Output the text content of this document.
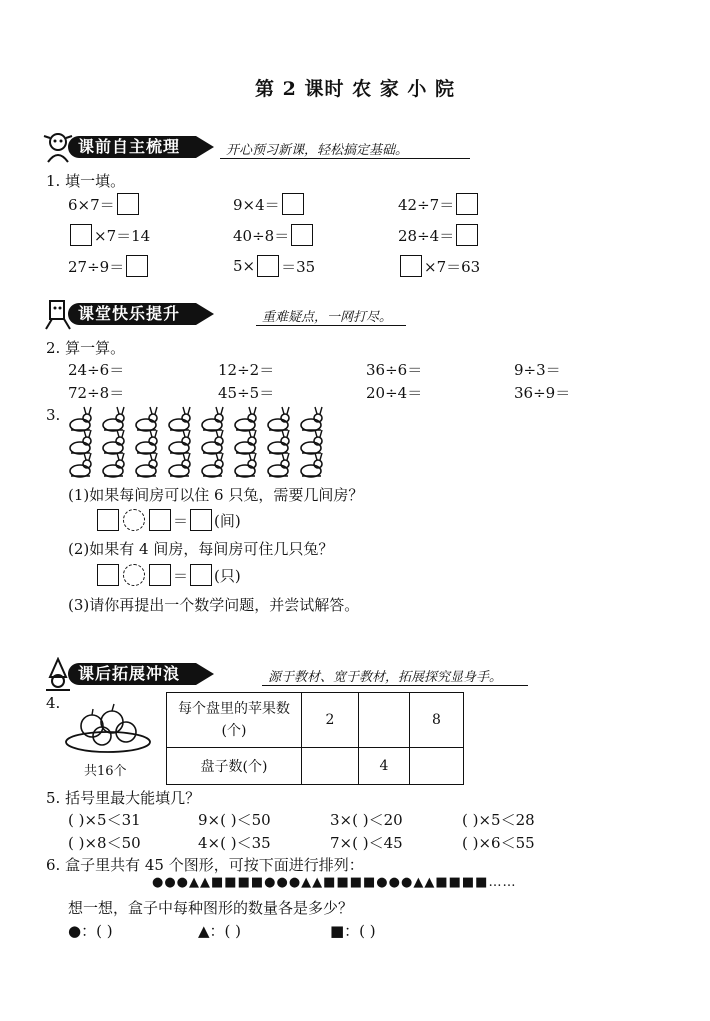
第 2 课时 农 家 小 院
课前自主梳理	开心预习新课，轻松搞定基础。
1. 填一填。
6×7＝	9×4＝	42÷7＝
×7＝14	40÷8＝	28÷4＝
27÷9＝	5× ＝35	×7＝63
课堂快乐提升	重难疑点，一网打尽。
2. 算一算。
24÷6＝	12÷2＝	36÷6＝	9÷3＝
72÷8＝	45÷5＝	20÷4＝	36÷9＝
3.
(1)如果每间房可以住 6 只兔，需要几间房？
＝ (间)
(2)如果有 4 间房，每间房可住几只兔？
＝ (只)
(3)请你再提出一个数学问题，并尝试解答。
课后拓展冲浪	源于教材、宽于教材，拓展探究显身手。
4.
共16个
每个盘里的苹果数(个)	2		8
盘子数(个)		4	
5. 括号里最大能填几？
( )×5＜31	9×( )＜50	3×( )＜20	( )×5＜28
( )×8＜50	4×( )＜35	7×( )＜45	( )×6＜55
6. 盒子里共有 45 个图形，可按下面进行排列：
●●●▲▲■■■■●●●▲▲■■■■●●●▲▲■■■■……
想一想，盒子中每种图形的数量各是多少？
●：( )	▲：( )	■：( )
